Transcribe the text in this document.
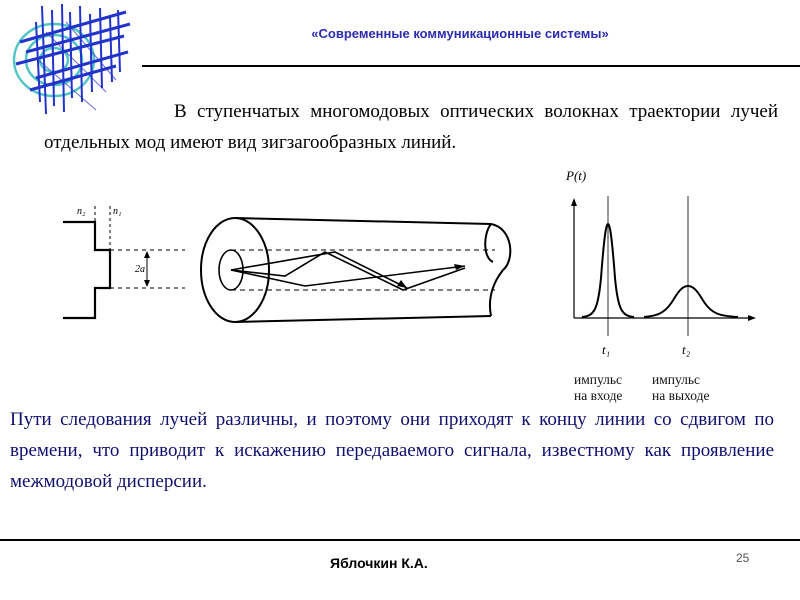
«Современные коммуникационные системы»
В ступенчатых многомодовых оптических волокнах траектории лучей отдельных мод имеют вид зигзагообразных линий.
n₂	n₁
2a
P(t)
t₁	t₂
импульс
на входе
импульс
на выходе
Пути следования лучей различны, и поэтому они приходят к концу линии со сдвигом по времени, что приводит к искажению передаваемого сигнала, известному как проявление межмодовой дисперсии.
Яблочкин К.А.	25
